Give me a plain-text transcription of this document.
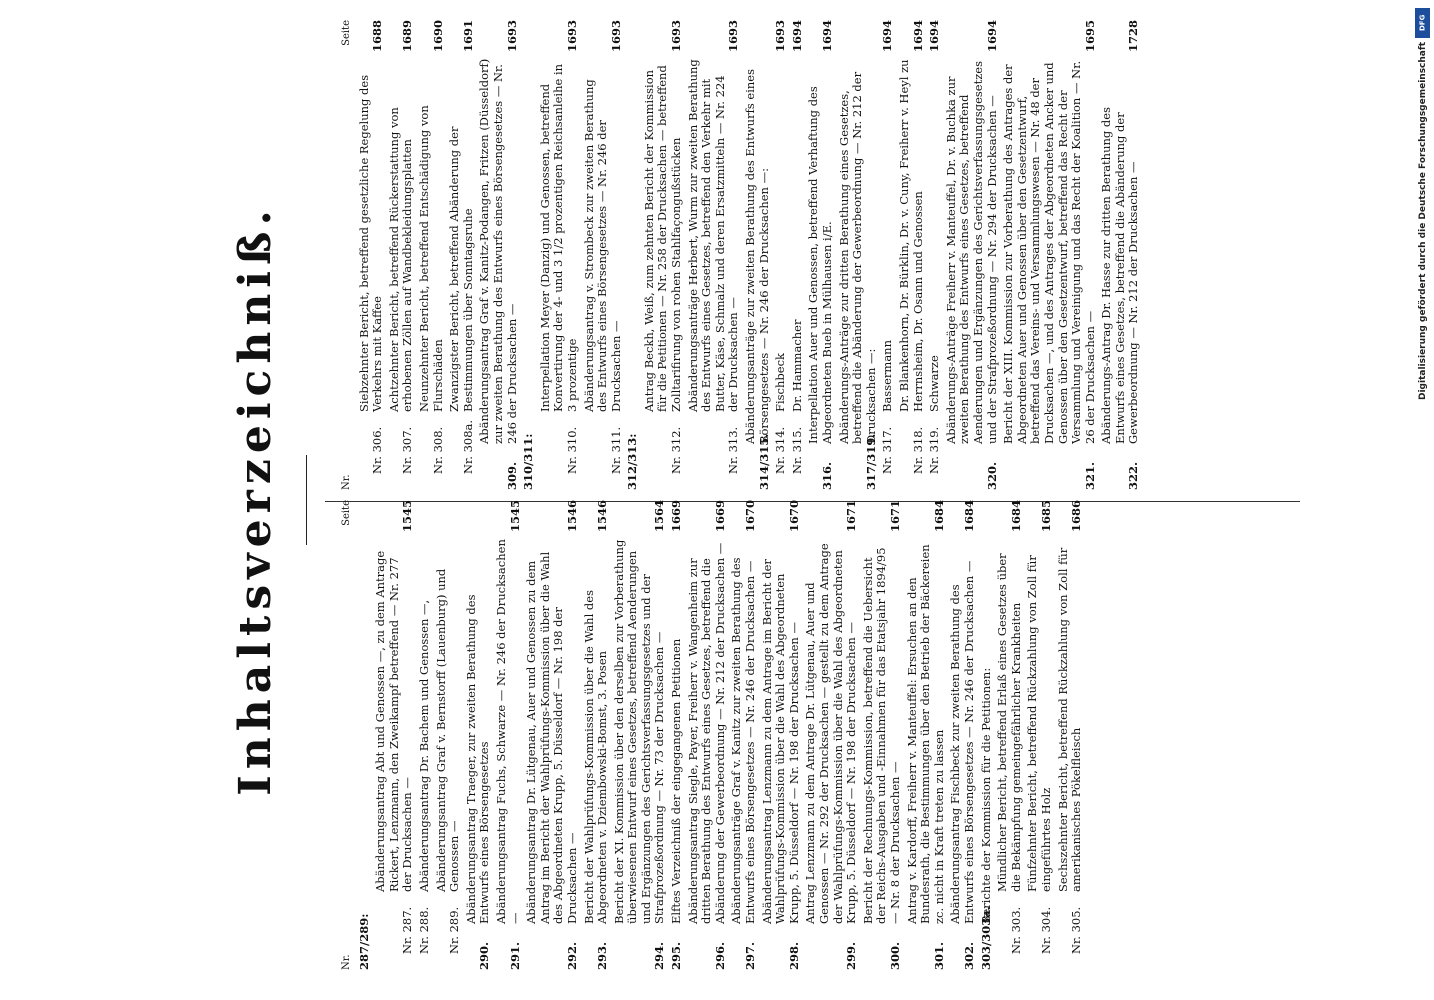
Inhaltsverzeichniß.
Nr.
Seite
287/289:	Nr. 287.
Abänderungsantrag Abt und Genossen —, zu dem Antrage Rickert, Lenzmann, den Zweikampf betreffend — Nr. 277 der Drucksachen —
1545
Nr. 288.
Abänderungsantrag Dr. Bachem und Genossen —,
Nr. 289.
Abänderungsantrag Graf v. Bernstorff (Lauenburg) und Genossen —
290.
Abänderungsantrag Traeger, zur zweiten Berathung des Entwurfs eines Börsengesetzes
291.
Abänderungsantrag Fuchs, Schwarze — Nr. 246 der Drucksachen —
1545
292.
Abänderungsantrag Dr. Lütgenau, Auer und Genossen zu dem Antrag im Bericht der Wahlprüfungs-Kommission über die Wahl des Abgeordneten Krupp, 5. Düsseldorf — Nr. 198 der Drucksachen —
1546
293.
Bericht der Wahlprüfungs-Kommission über die Wahl des Abgeordneten v. Dziembowski-Bomst, 3. Posen
1546
294.
Bericht der XI. Kommission über den derselben zur Vorberathung überwiesenen Entwurf eines Gesetzes, betreffend Aenderungen und Ergänzungen des Gerichtsverfassungsgesetzes und der Strafprozeßordnung — Nr. 73 der Drucksachen —
1564
295.
Elftes Verzeichniß der eingegangenen Petitionen
1669
296.
Abänderungsantrag Siegle, Payer, Freiherr v. Wangenheim zur dritten Berathung des Entwurfs eines Gesetzes, betreffend die Abänderung der Gewerbeordnung — Nr. 212 der Drucksachen —
1669
297.
Abänderungsanträge Graf v. Kanitz zur zweiten Berathung des Entwurfs eines Börsengesetzes — Nr. 246 der Drucksachen —
1670
298.
Abänderungsantrag Lenzmann zu dem Antrage im Bericht der Wahlprüfungs-Kommission über die Wahl des Abgeordneten Krupp, 5. Düsseldorf — Nr. 198 der Drucksachen —
1670
299.
Antrag Lenzmann zu dem Antrage Dr. Lütgenau, Auer und Genossen — Nr. 292 der Drucksachen — gestellt zu dem Antrage der Wahlprüfungs-Kommission über die Wahl des Abgeordneten Krupp, 5. Düsseldorf — Nr. 198 der Drucksachen —
1671
300.
Bericht der Rechnungs-Kommission, betreffend die Uebersicht der Reichs-Ausgaben und -Einnahmen für das Etatsjahr 1894/95 — Nr. 8 der Drucksachen —
1671
301.
Antrag v. Kardorff, Freiherr v. Manteuffel: Ersuchen an den Bundesrath, die Bestimmungen über den Betrieb der Bäckereien zc. nicht in Kraft treten zu lassen
1684
302.
Abänderungsantrag Fischbeck zur zweiten Berathung des Entwurfs eines Börsengesetzes — Nr. 246 der Drucksachen —
1684
303/303a.
Berichte der Kommission für die Petitionen:
Nr. 303.
Mündlicher Bericht, betreffend Erlaß eines Gesetzes über die Bekämpfung gemeingefährlicher Krankheiten
1684
Nr. 304.
Fünfzehnter Bericht, betreffend Rückzahlung von Zoll für eingeführtes Holz
1685
Nr. 305.
Sechszehnter Bericht, betreffend Rückzahlung von Zoll für amerikanisches Pökelfleisch
1686
Nr.
Seite
Nr. 306.
Siebzehnter Bericht, betreffend gesetzliche Regelung des Verkehrs mit Kaffee
1688
Nr. 307.
Achtzehnter Bericht, betreffend Rückerstattung von erhobenen Zöllen auf Wandbekleidungsplatten
1689
Nr. 308.
Neunzehnter Bericht, betreffend Entschädigung von Flurschäden
1690
Nr. 308a.
Zwanzigster Bericht, betreffend Abänderung der Bestimmungen über Sonntagsruhe
1691
309.
Abänderungsantrag Graf v. Kanitz-Podangen, Fritzen (Düsseldorf) zur zweiten Berathung des Entwurfs eines Börsengesetzes — Nr. 246 der Drucksachen —
1693
310/311:	Nr. 310.
Interpellation Meyer (Danzig) und Genossen, betreffend Konvertirung der 4- und 3 1/2 prozentigen Reichsanleihe in 3 prozentige
1693
Nr. 311.
Abänderungsantrag v. Strombeck zur zweiten Berathung des Entwurfs eines Börsengesetzes — Nr. 246 der Drucksachen —
1693
312/313:	Nr. 312.
Antrag Beckh, Weiß, zum zehnten Bericht der Kommission für die Petitionen — Nr. 258 der Drucksachen — betreffend Zolltarifirung von rohen Stahlfaçongußstücken
1693
Nr. 313.
Abänderungsanträge Herbert, Wurm zur zweiten Berathung des Entwurfs eines Gesetzes, betreffend den Verkehr mit Butter, Käse, Schmalz und deren Ersatzmitteln — Nr. 224 der Drucksachen —
1693
314/315.
Abänderungsanträge zur zweiten Berathung des Entwurfs eines Börsengesetzes — Nr. 246 der Drucksachen —:
Nr. 314.
Fischbeck
1693
Nr. 315.
Dr. Hammacher
1694
316.
Interpellation Auer und Genossen, betreffend Verhaftung des Abgeordneten Bueb in Mülhausen i/E.
1694
317/319.
Abänderungs-Anträge zur dritten Berathung eines Gesetzes, betreffend die Abänderung der Gewerbeordnung — Nr. 212 der Drucksachen —:
Nr. 317.
Bassermann
1694
Nr. 318.
Dr. Blankenhorn, Dr. Bürklin, Dr. v. Cuny, Freiherr v. Heyl zu Herrnsheim, Dr. Osann und Genossen
1694
Nr. 319.
Schwarze
1694
320.
Abänderungs-Anträge Freiherr v. Manteuffel, Dr. v. Buchka zur zweiten Berathung des Entwurfs eines Gesetzes, betreffend Aenderungen und Ergänzungen des Gerichtsverfassungsgesetzes und der Strafprozeßordnung — Nr. 294 der Drucksachen —
1694
321.
Bericht der XIII. Kommission zur Vorberathung des Antrages der Abgeordneten Auer und Genossen über den Gesetzentwurf, betreffend das Vereins- und Versammlungswesen — Nr. 48 der Drucksachen —, und des Antrages der Abgeordneten Ancker und Genossen über den Gesetzentwurf, betreffend das Recht der Versammlung und Vereinigung und das Recht der Koalition — Nr. 26 der Drucksachen —
1695
322.
Abänderungs-Antrag Dr. Hasse zur dritten Berathung des Entwurfs eines Gesetzes, betreffend die Abänderung der Gewerbeordnung — Nr. 212 der Drucksachen —
1728	DFG
Digitalisierung gefördert durch die Deutsche Forschungsgemeinschaft
